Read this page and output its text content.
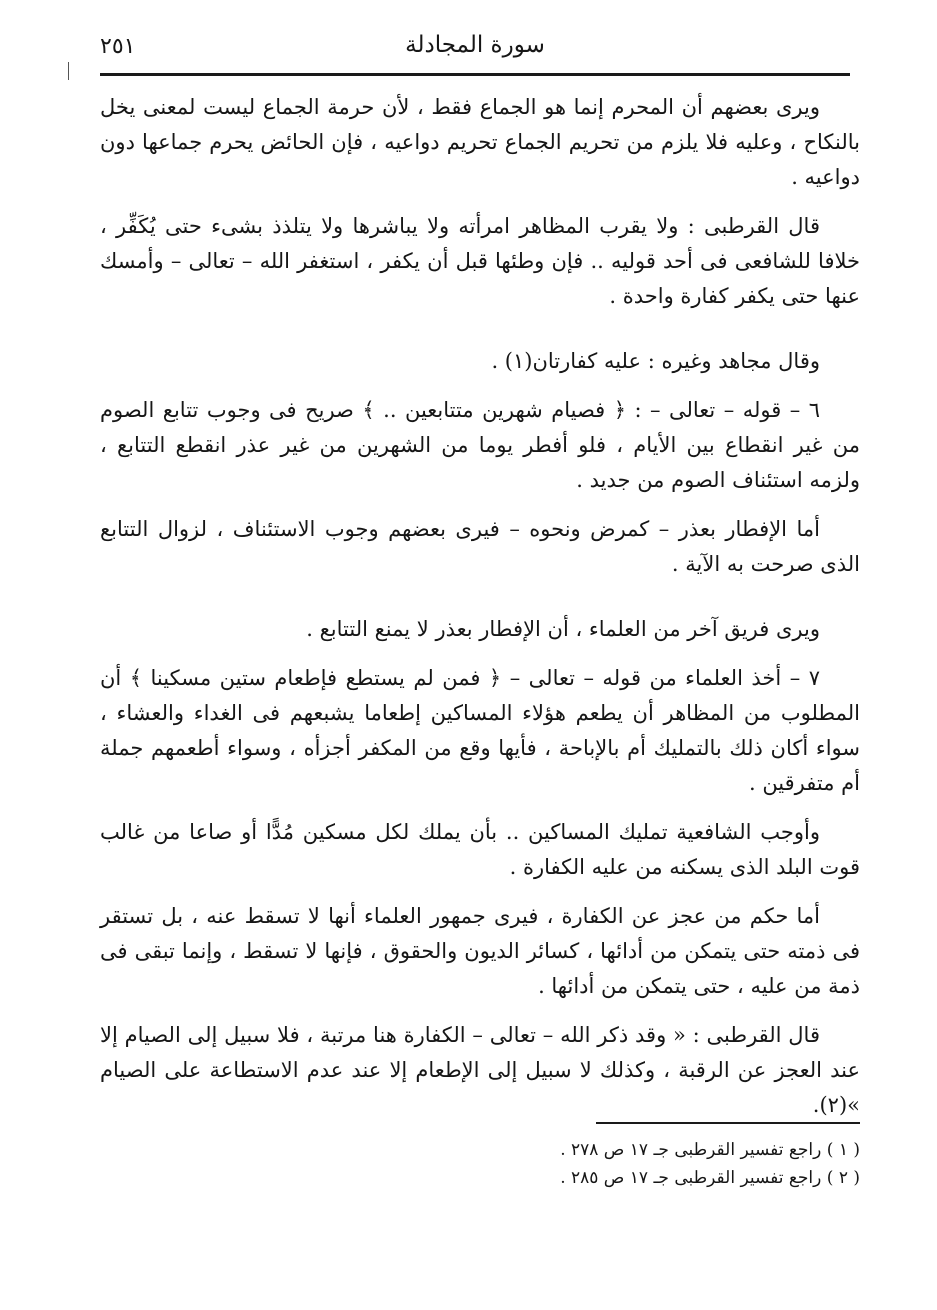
٢٥١	سورة المجادلة

ويرى بعضهم أن المحرم إنما هو الجماع فقط ، لأن حرمة الجماع ليست لمعنى يخل بالنكاح ، وعليه فلا يلزم من تحريم الجماع تحريم دواعيه ، فإن الحائض يحرم جماعها دون دواعيه .

قال القرطبى : ولا يقرب المظاهر امرأته ولا يباشرها ولا يتلذذ بشىء حتى يُكَفِّر ، خلافا للشافعى فى أحد قوليه .. فإن وطئها قبل أن يكفر ، استغفر الله – تعالى – وأمسك عنها حتى يكفر كفارة واحدة .

وقال مجاهد وغيره : عليه كفارتان(١) .

٦ – قوله – تعالى – : ﴿ فصيام شهرين متتابعين .. ﴾ صريح فى وجوب تتابع الصوم من غير انقطاع بين الأيام ، فلو أفطر يوما من الشهرين من غير عذر انقطع التتابع ، ولزمه استئناف الصوم من جديد .

أما الإفطار بعذر – كمرض ونحوه – فيرى بعضهم وجوب الاستئناف ، لزوال التتابع الذى صرحت به الآية .

ويرى فريق آخر من العلماء ، أن الإفطار بعذر لا يمنع التتابع .

٧ – أخذ العلماء من قوله – تعالى – ﴿ فمن لم يستطع فإطعام ستين مسكينا ﴾ أن المطلوب من المظاهر أن يطعم هؤلاء المساكين إطعاما يشبعهم فى الغداء والعشاء ، سواء أكان ذلك بالتمليك أم بالإباحة ، فأيها وقع من المكفر أجزأه ، وسواء أطعمهم جملة أم متفرقين .

وأوجب الشافعية تمليك المساكين .. بأن يملك لكل مسكين مُدًّا أو صاعا من غالب قوت البلد الذى يسكنه من عليه الكفارة .

أما حكم من عجز عن الكفارة ، فيرى جمهور العلماء أنها لا تسقط عنه ، بل تستقر فى ذمته حتى يتمكن من أدائها ، كسائر الديون والحقوق ، فإنها لا تسقط ، وإنما تبقى فى ذمة من عليه ، حتى يتمكن من أدائها .

قال القرطبى : « وقد ذكر الله – تعالى – الكفارة هنا مرتبة ، فلا سبيل إلى الصيام إلا عند العجز عن الرقبة ، وكذلك لا سبيل إلى الإطعام إلا عند عدم الاستطاعة على الصيام »(٢).

( ١ ) راجع تفسير القرطبى جـ ١٧ ص ٢٧٨ .
( ٢ ) راجع تفسير القرطبى جـ ١٧ ص ٢٨٥ .
